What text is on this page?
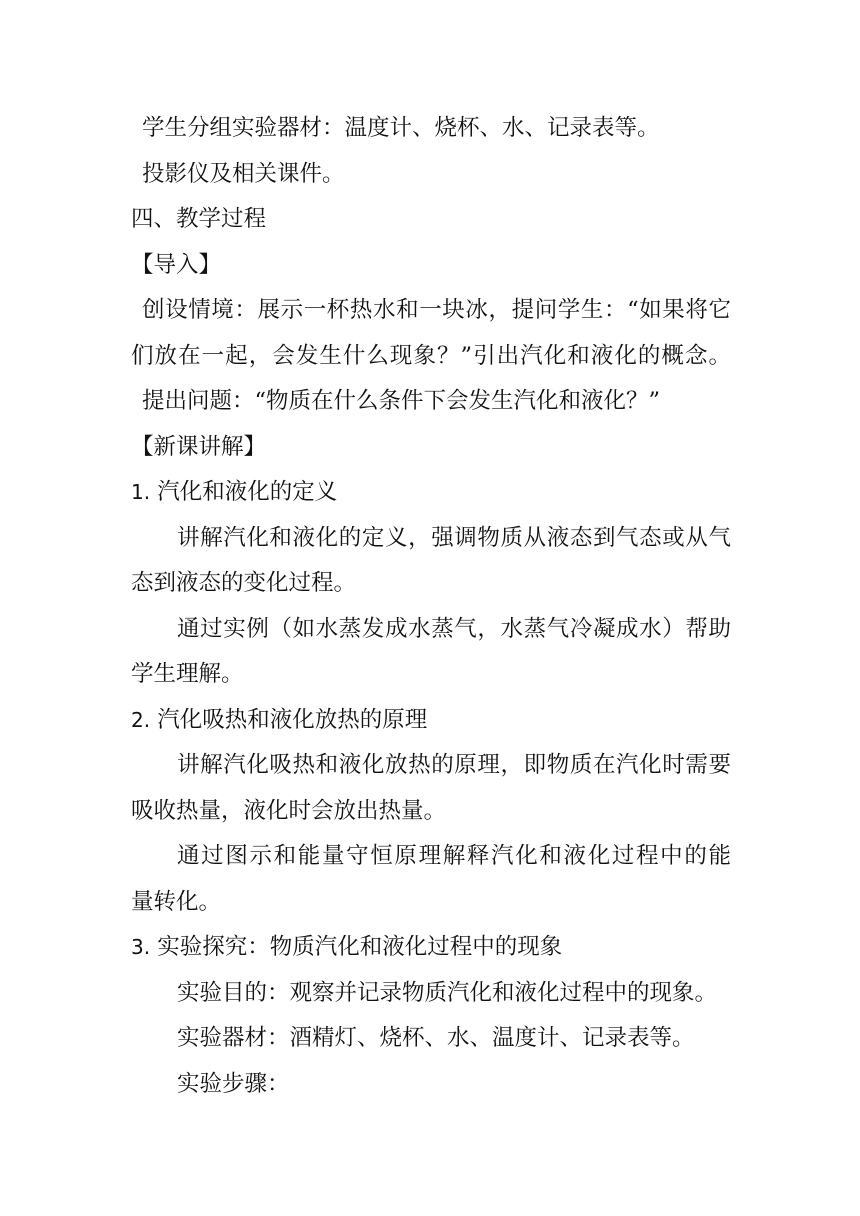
学生分组实验器材：温度计、烧杯、水、记录表等。
投影仪及相关课件。
四、教学过程
【导入】
创设情境：展示一杯热水和一块冰，提问学生：“如果将它
们放在一起，会发生什么现象？”引出汽化和液化的概念。
提出问题：“物质在什么条件下会发生汽化和液化？”
【新课讲解】
1. 汽化和液化的定义
讲解汽化和液化的定义，强调物质从液态到气态或从气
态到液态的变化过程。
通过实例（如水蒸发成水蒸气，水蒸气冷凝成水）帮助
学生理解。
2. 汽化吸热和液化放热的原理
讲解汽化吸热和液化放热的原理，即物质在汽化时需要
吸收热量，液化时会放出热量。
通过图示和能量守恒原理解释汽化和液化过程中的能
量转化。
3. 实验探究：物质汽化和液化过程中的现象
实验目的：观察并记录物质汽化和液化过程中的现象。
实验器材：酒精灯、烧杯、水、温度计、记录表等。
实验步骤：
